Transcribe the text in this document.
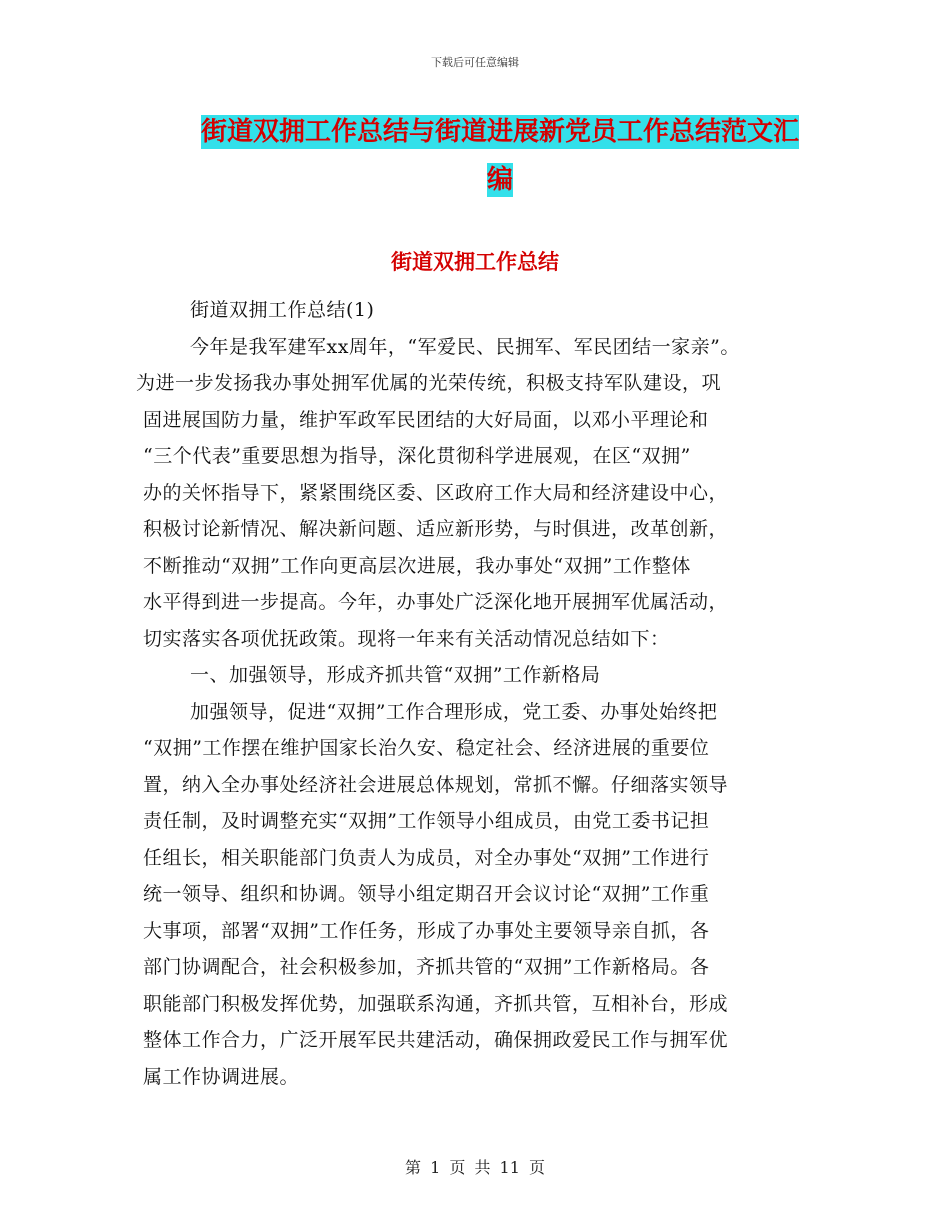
下载后可任意编辑
街道双拥工作总结与街道进展新党员工作总结范文汇
编
街道双拥工作总结

街道双拥工作总结(1)

今年是我军建军xx周年，“军爱民、民拥军、军民团结一家亲”。

为进一步发扬我办事处拥军优属的光荣传统，积极支持军队建设，巩

固进展国防力量，维护军政军民团结的大好局面，以邓小平理论和

“三个代表”重要思想为指导，深化贯彻科学进展观，在区“双拥”

办的关怀指导下，紧紧围绕区委、区政府工作大局和经济建设中心，

积极讨论新情况、解决新问题、适应新形势，与时俱进，改革创新，

不断推动“双拥”工作向更高层次进展，我办事处“双拥”工作整体

水平得到进一步提高。今年，办事处广泛深化地开展拥军优属活动，

切实落实各项优抚政策。现将一年来有关活动情况总结如下：

一、加强领导，形成齐抓共管“双拥”工作新格局

加强领导，促进“双拥”工作合理形成，党工委、办事处始终把

“双拥”工作摆在维护国家长治久安、稳定社会、经济进展的重要位

置，纳入全办事处经济社会进展总体规划，常抓不懈。仔细落实领导

责任制，及时调整充实“双拥”工作领导小组成员，由党工委书记担

任组长，相关职能部门负责人为成员，对全办事处“双拥”工作进行

统一领导、组织和协调。领导小组定期召开会议讨论“双拥”工作重

大事项，部署“双拥”工作任务，形成了办事处主要领导亲自抓，各

部门协调配合，社会积极参加，齐抓共管的“双拥”工作新格局。各

职能部门积极发挥优势，加强联系沟通，齐抓共管，互相补台，形成

整体工作合力，广泛开展军民共建活动，确保拥政爱民工作与拥军优

属工作协调进展。

第 1 页 共 11 页
